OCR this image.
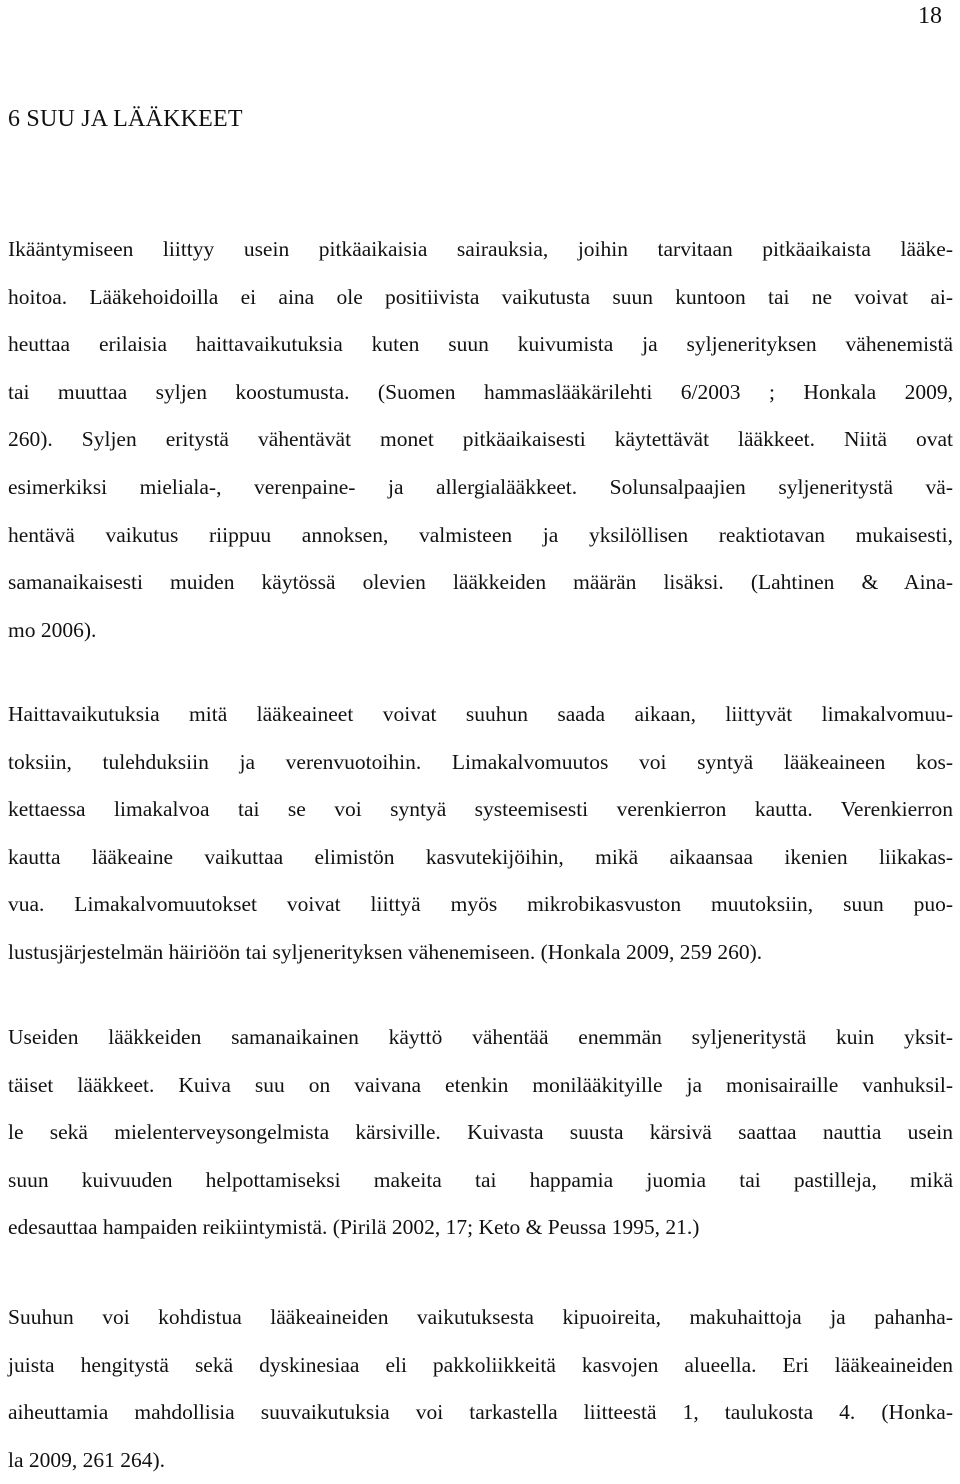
18
6 SUU JA LÄÄKKEET

Ikääntymiseen liittyy usein pitkäaikaisia sairauksia, joihin tarvitaan pitkäaikaista lääke-
hoitoa. Lääkehoidoilla ei aina ole positiivista vaikutusta suun kuntoon tai ne voivat ai-
heuttaa erilaisia haittavaikutuksia kuten suun kuivumista ja syljenerityksen vähenemistä
tai muuttaa syljen koostumusta. (Suomen hammaslääkärilehti 6/2003 ; Honkala 2009,
260). Syljen eritystä vähentävät monet pitkäaikaisesti käytettävät lääkkeet. Niitä ovat
esimerkiksi mieliala-, verenpaine- ja allergialääkkeet. Solunsalpaajien syljeneritystä vä-
hentävä vaikutus riippuu annoksen, valmisteen ja yksilöllisen reaktiotavan mukaisesti,
samanaikaisesti muiden käytössä olevien lääkkeiden määrän lisäksi. (Lahtinen & Aina-
mo 2006).

Haittavaikutuksia mitä lääkeaineet voivat suuhun saada aikaan, liittyvät limakalvomuu-
toksiin, tulehduksiin ja verenvuotoihin. Limakalvomuutos voi syntyä lääkeaineen kos-
kettaessa limakalvoa tai se voi syntyä systeemisesti verenkierron kautta. Verenkierron
kautta lääkeaine vaikuttaa elimistön kasvutekijöihin, mikä aikaansaa ikenien liikakas-
vua. Limakalvomuutokset voivat liittyä myös mikrobikasvuston muutoksiin, suun puo-
lustusjärjestelmän häiriöön tai syljenerityksen vähenemiseen. (Honkala 2009, 259 260).

Useiden lääkkeiden samanaikainen käyttö vähentää enemmän syljeneritystä kuin yksit-
täiset lääkkeet. Kuiva suu on vaivana etenkin monilääkityille ja monisairaille vanhuksil-
le sekä mielenterveysongelmista kärsiville. Kuivasta suusta kärsivä saattaa nauttia usein
suun kuivuuden helpottamiseksi makeita tai happamia juomia tai pastilleja, mikä
edesauttaa hampaiden reikiintymistä. (Pirilä 2002, 17; Keto & Peussa 1995, 21.)

Suuhun voi kohdistua lääkeaineiden vaikutuksesta kipuoireita, makuhaittoja ja pahanha-
juista hengitystä sekä dyskinesiaa eli pakkoliikkeitä kasvojen alueella. Eri lääkeaineiden
aiheuttamia mahdollisia suuvaikutuksia voi tarkastella liitteestä 1, taulukosta 4. (Honka-
la 2009, 261 264).
